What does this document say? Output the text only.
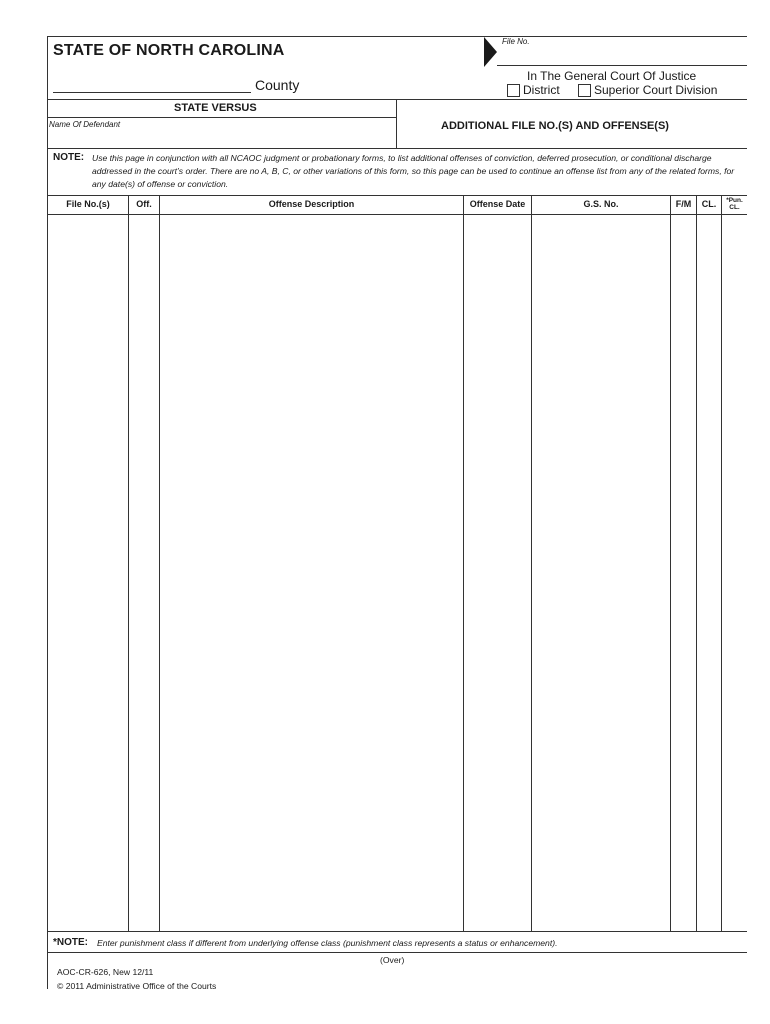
STATE OF NORTH CAROLINA
File No.
County
In The General Court Of Justice
District	Superior Court Division
STATE VERSUS
Name Of Defendant	ADDITIONAL FILE NO.(S) AND OFFENSE(S)
NOTE: Use this page in conjunction with all NCAOC judgment or probationary forms, to list additional offenses of conviction, deferred prosecution, or conditional discharge addressed in the court’s order. There are no A, B, C, or other variations of this form, so this page can be used to continue an offense list from any of the related forms, for any date(s) of offense or conviction.
File No.(s)	Off.	Offense Description	Offense Date	G.S. No.	F/M	CL.	*Pun.
CL.
*NOTE: Enter punishment class if different from underlying offense class (punishment class represents a status or enhancement).
(Over)
AOC-CR-626, New 12/11
© 2011 Administrative Office of the Courts
